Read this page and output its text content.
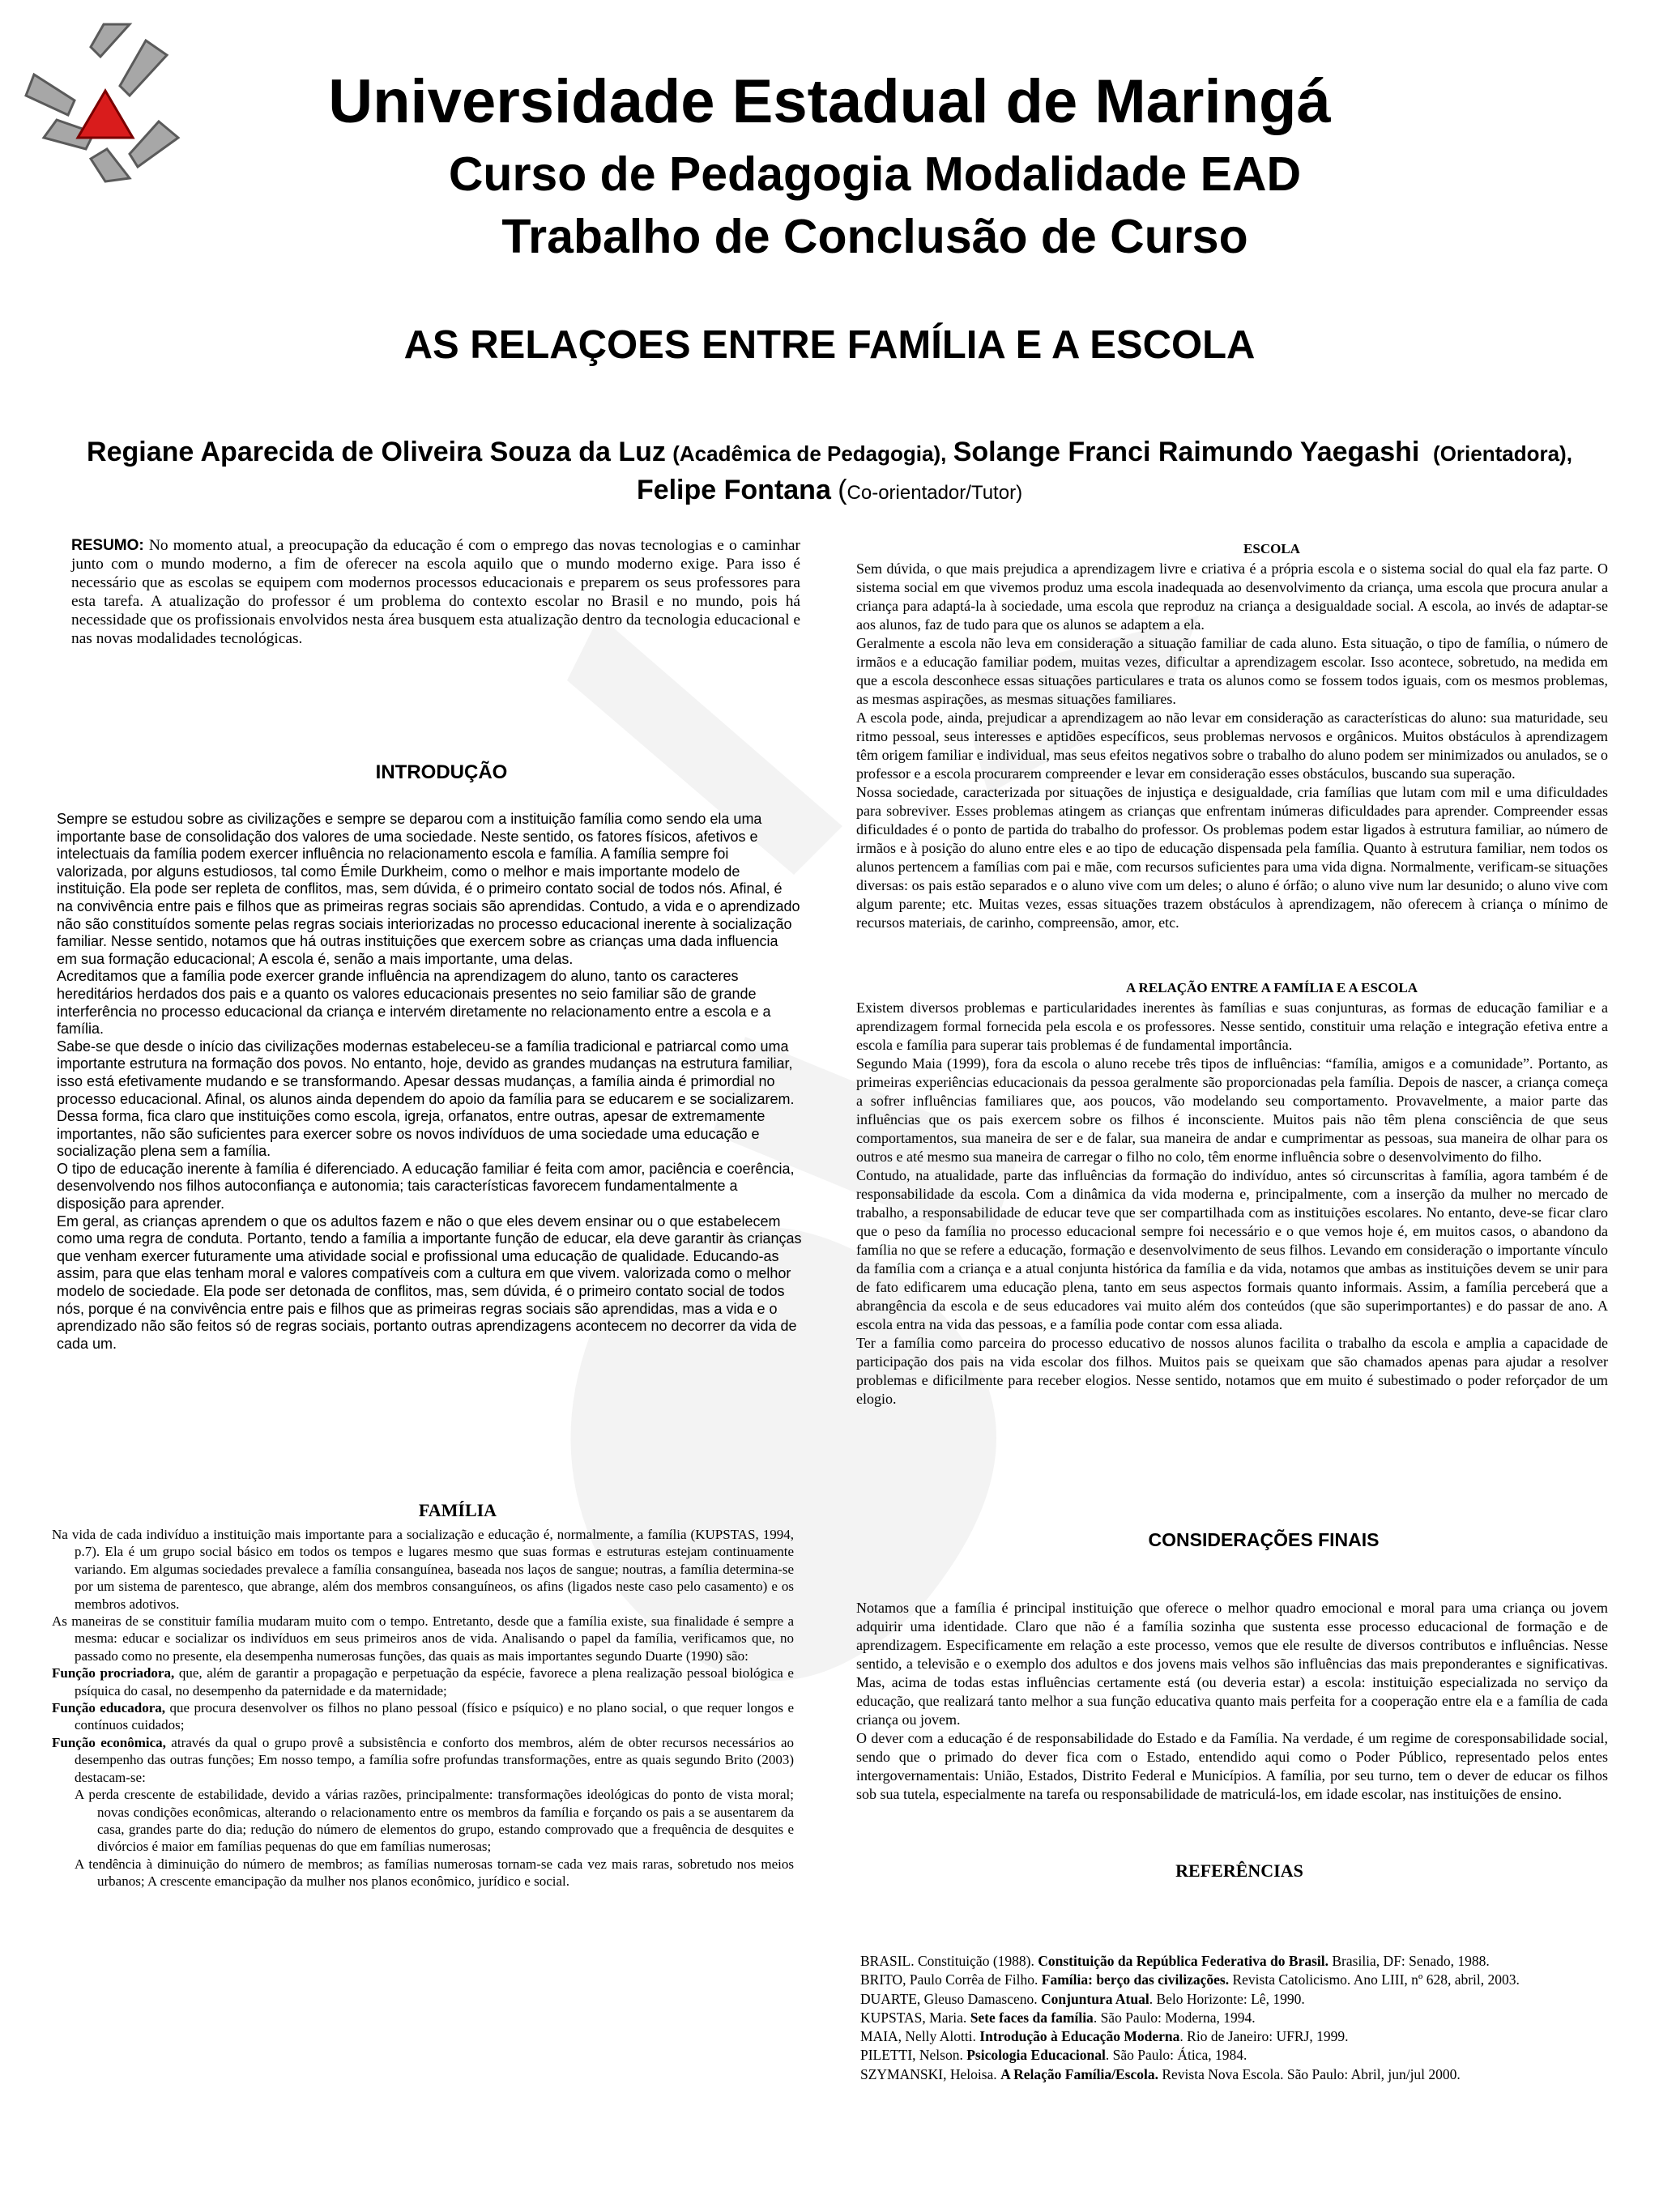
Universidade Estadual de Maringá
Curso de Pedagogia Modalidade EAD
Trabalho de Conclusão de Curso
AS RELAÇOES ENTRE FAMÍLIA E A ESCOLA
Regiane Aparecida de Oliveira Souza da Luz (Acadêmica de Pedagogia), Solange Franci Raimundo Yaegashi (Orientadora),
Felipe Fontana (Co-orientador/Tutor)
RESUMO: No momento atual, a preocupação da educação é com o emprego das novas tecnologias e o caminhar junto com o mundo moderno, a fim de oferecer na escola aquilo que o mundo moderno exige. Para isso é necessário que as escolas se equipem com modernos processos educacionais e preparem os seus professores para esta tarefa. A atualização do professor é um problema do contexto escolar no Brasil e no mundo, pois há necessidade que os profissionais envolvidos nesta área busquem esta atualização dentro da tecnologia educacional e nas novas modalidades tecnológicas.
INTRODUÇÃO

Sempre se estudou sobre as civilizações e sempre se deparou com a instituição família como sendo ela uma importante base de consolidação dos valores de uma sociedade. Neste sentido, os fatores físicos, afetivos e intelectuais da família podem exercer influência no relacionamento escola e família. A família sempre foi valorizada, por alguns estudiosos, tal como Émile Durkheim, como o melhor e mais importante modelo de instituição. Ela pode ser repleta de conflitos, mas, sem dúvida, é o primeiro contato social de todos nós. Afinal, é na convivência entre pais e filhos que as primeiras regras sociais são aprendidas. Contudo, a vida e o aprendizado não são constituídos somente pelas regras sociais interiorizadas no processo educacional inerente à socialização familiar. Nesse sentido, notamos que há outras instituições que exercem sobre as crianças uma dada influencia em sua formação educacional; A escola é, senão a mais importante, uma delas.

Acreditamos que a família pode exercer grande influência na aprendizagem do aluno, tanto os caracteres hereditários herdados dos pais e a quanto os valores educacionais presentes no seio familiar são de grande interferência no processo educacional da criança e intervém diretamente no relacionamento entre a escola e a família.

Sabe-se que desde o início das civilizações modernas estabeleceu-se a família tradicional e patriarcal como uma importante estrutura na formação dos povos. No entanto, hoje, devido as grandes mudanças na estrutura familiar, isso está efetivamente mudando e se transformando. Apesar dessas mudanças, a família ainda é primordial no processo educacional. Afinal, os alunos ainda dependem do apoio da família para se educarem e se socializarem. Dessa forma, fica claro que instituições como escola, igreja, orfanatos, entre outras, apesar de extremamente importantes, não são suficientes para exercer sobre os novos indivíduos de uma sociedade uma educação e socialização plena sem a família.

O tipo de educação inerente à família é diferenciado. A educação familiar é feita com amor, paciência e coerência, desenvolvendo nos filhos autoconfiança e autonomia; tais características favorecem fundamentalmente a disposição para aprender.

Em geral, as crianças aprendem o que os adultos fazem e não o que eles devem ensinar ou o que estabelecem como uma regra de conduta. Portanto, tendo a família a importante função de educar, ela deve garantir às crianças que venham exercer futuramente uma atividade social e profissional uma educação de qualidade. Educando-as assim, para que elas tenham moral e valores compatíveis com a cultura em que vivem. valorizada como o melhor modelo de sociedade. Ela pode ser detonada de conflitos, mas, sem dúvida, é o primeiro contato social de todos nós, porque é na convivência entre pais e filhos que as primeiras regras sociais são aprendidas, mas a vida e o aprendizado não são feitos só de regras sociais, portanto outras aprendizagens acontecem no decorrer da vida de cada um.

FAMÍLIA

Na vida de cada indivíduo a instituição mais importante para a socialização e educação é, normalmente, a família (KUPSTAS, 1994, p.7). Ela é um grupo social básico em todos os tempos e lugares mesmo que suas formas e estruturas estejam continuamente variando. Em algumas sociedades prevalece a família consanguínea, baseada nos laços de sangue; noutras, a família determina-se por um sistema de parentesco, que abrange, além dos membros consanguíneos, os afins (ligados neste caso pelo casamento) e os membros adotivos.

As maneiras de se constituir família mudaram muito com o tempo. Entretanto, desde que a família existe, sua finalidade é sempre a mesma: educar e socializar os indivíduos em seus primeiros anos de vida. Analisando o papel da família, verificamos que, no passado como no presente, ela desempenha numerosas funções, das quais as mais importantes segundo Duarte (1990) são:

Função procriadora, que, além de garantir a propagação e perpetuação da espécie, favorece a plena realização pessoal biológica e psíquica do casal, no desempenho da paternidade e da maternidade;

Função educadora, que procura desenvolver os filhos no plano pessoal (físico e psíquico) e no plano social, o que requer longos e contínuos cuidados;

Função econômica, através da qual o grupo provê a subsistência e conforto dos membros, além de obter recursos necessários ao desempenho das outras funções; Em nosso tempo, a família sofre profundas transformações, entre as quais segundo Brito (2003) destacam-se:

A perda crescente de estabilidade, devido a várias razões, principalmente: transformações ideológicas do ponto de vista moral; novas condições econômicas, alterando o relacionamento entre os membros da família e forçando os pais a se ausentarem da casa, grandes parte do dia; redução do número de elementos do grupo, estando comprovado que a frequência de desquites e divórcios é maior em famílias pequenas do que em famílias numerosas;

A tendência à diminuição do número de membros; as famílias numerosas tornam-se cada vez mais raras, sobretudo nos meios urbanos; A crescente emancipação da mulher nos planos econômico, jurídico e social.

ESCOLA

Sem dúvida, o que mais prejudica a aprendizagem livre e criativa é a própria escola e o sistema social do qual ela faz parte. O sistema social em que vivemos produz uma escola inadequada ao desenvolvimento da criança, uma escola que procura anular a criança para adaptá-la à sociedade, uma escola que reproduz na criança a desigualdade social. A escola, ao invés de adaptar-se aos alunos, faz de tudo para que os alunos se adaptem a ela.

Geralmente a escola não leva em consideração a situação familiar de cada aluno. Esta situação, o tipo de família, o número de irmãos e a educação familiar podem, muitas vezes, dificultar a aprendizagem escolar. Isso acontece, sobretudo, na medida em que a escola desconhece essas situações particulares e trata os alunos como se fossem todos iguais, com os mesmos problemas, as mesmas aspirações, as mesmas situações familiares.

A escola pode, ainda, prejudicar a aprendizagem ao não levar em consideração as características do aluno: sua maturidade, seu ritmo pessoal, seus interesses e aptidões específicos, seus problemas nervosos e orgânicos. Muitos obstáculos à aprendizagem têm origem familiar e individual, mas seus efeitos negativos sobre o trabalho do aluno podem ser minimizados ou anulados, se o professor e a escola procurarem compreender e levar em consideração esses obstáculos, buscando sua superação.

Nossa sociedade, caracterizada por situações de injustiça e desigualdade, cria famílias que lutam com mil e uma dificuldades para sobreviver. Esses problemas atingem as crianças que enfrentam inúmeras dificuldades para aprender. Compreender essas dificuldades é o ponto de partida do trabalho do professor. Os problemas podem estar ligados à estrutura familiar, ao número de irmãos e à posição do aluno entre eles e ao tipo de educação dispensada pela família. Quanto à estrutura familiar, nem todos os alunos pertencem a famílias com pai e mãe, com recursos suficientes para uma vida digna. Normalmente, verificam-se situações diversas: os pais estão separados e o aluno vive com um deles; o aluno é órfão; o aluno vive num lar desunido; o aluno vive com algum parente; etc. Muitas vezes, essas situações trazem obstáculos à aprendizagem, não oferecem à criança o mínimo de recursos materiais, de carinho, compreensão, amor, etc.

A RELAÇÃO ENTRE A FAMÍLIA E A ESCOLA

Existem diversos problemas e particularidades inerentes às famílias e suas conjunturas, as formas de educação familiar e a aprendizagem formal fornecida pela escola e os professores. Nesse sentido, constituir uma relação e integração efetiva entre a escola e família para superar tais problemas é de fundamental importância.

Segundo Maia (1999), fora da escola o aluno recebe três tipos de influências: “família, amigos e a comunidade”. Portanto, as primeiras experiências educacionais da pessoa geralmente são proporcionadas pela família. Depois de nascer, a criança começa a sofrer influências familiares que, aos poucos, vão modelando seu comportamento. Provavelmente, a maior parte das influências que os pais exercem sobre os filhos é inconsciente. Muitos pais não têm plena consciência de que seus comportamentos, sua maneira de ser e de falar, sua maneira de andar e cumprimentar as pessoas, sua maneira de olhar para os outros e até mesmo sua maneira de carregar o filho no colo, têm enorme influência sobre o desenvolvimento do filho.

Contudo, na atualidade, parte das influências da formação do indivíduo, antes só circunscritas à família, agora também é de responsabilidade da escola. Com a dinâmica da vida moderna e, principalmente, com a inserção da mulher no mercado de trabalho, a responsabilidade de educar teve que ser compartilhada com as instituições escolares. No entanto, deve-se ficar claro que o peso da família no processo educacional sempre foi necessário e o que vemos hoje é, em muitos casos, o abandono da família no que se refere a educação, formação e desenvolvimento de seus filhos. Levando em consideração o importante vínculo da família com a criança e a atual conjunta histórica da família e da vida, notamos que ambas as instituições devem se unir para de fato edificarem uma educação plena, tanto em seus aspectos formais quanto informais. Assim, a família perceberá que a abrangência da escola e de seus educadores vai muito além dos conteúdos (que são superimportantes) e do passar de ano. A escola entra na vida das pessoas, e a família pode contar com essa aliada.

Ter a família como parceira do processo educativo de nossos alunos facilita o trabalho da escola e amplia a capacidade de participação dos pais na vida escolar dos filhos. Muitos pais se queixam que são chamados apenas para ajudar a resolver problemas e dificilmente para receber elogios. Nesse sentido, notamos que em muito é subestimado o poder reforçador de um elogio.

CONSIDERAÇÕES FINAIS

Notamos que a família é principal instituição que oferece o melhor quadro emocional e moral para uma criança ou jovem adquirir uma identidade. Claro que não é a família sozinha que sustenta esse processo educacional de formação e de aprendizagem. Especificamente em relação a este processo, vemos que ele resulte de diversos contributos e influências. Nesse sentido, a televisão e o exemplo dos adultos e dos jovens mais velhos são influências das mais preponderantes e significativas. Mas, acima de todas estas influências certamente está (ou deveria estar) a escola: instituição especializada no serviço da educação, que realizará tanto melhor a sua função educativa quanto mais perfeita for a cooperação entre ela e a família de cada criança ou jovem.

O dever com a educação é de responsabilidade do Estado e da Família. Na verdade, é um regime de coresponsabilidade social, sendo que o primado do dever fica com o Estado, entendido aqui como o Poder Público, representado pelos entes intergovernamentais: União, Estados, Distrito Federal e Municípios. A família, por seu turno, tem o dever de educar os filhos sob sua tutela, especialmente na tarefa ou responsabilidade de matriculá-los, em idade escolar, nas instituições de ensino.

REFERÊNCIAS
BRASIL. Constituição (1988). Constituição da República Federativa do Brasil. Brasilia, DF: Senado, 1988.
BRITO, Paulo Corrêa de Filho. Família: berço das civilizações. Revista Catolicismo. Ano LIII, nº 628, abril, 2003.
DUARTE, Gleuso Damasceno. Conjuntura Atual. Belo Horizonte: Lê, 1990.
KUPSTAS, Maria. Sete faces da família. São Paulo: Moderna, 1994.
MAIA, Nelly Alotti. Introdução à Educação Moderna. Rio de Janeiro: UFRJ, 1999.
PILETTI, Nelson. Psicologia Educacional. São Paulo: Ática, 1984.
SZYMANSKI, Heloisa. A Relação Família/Escola. Revista Nova Escola. São Paulo: Abril, jun/jul 2000.
